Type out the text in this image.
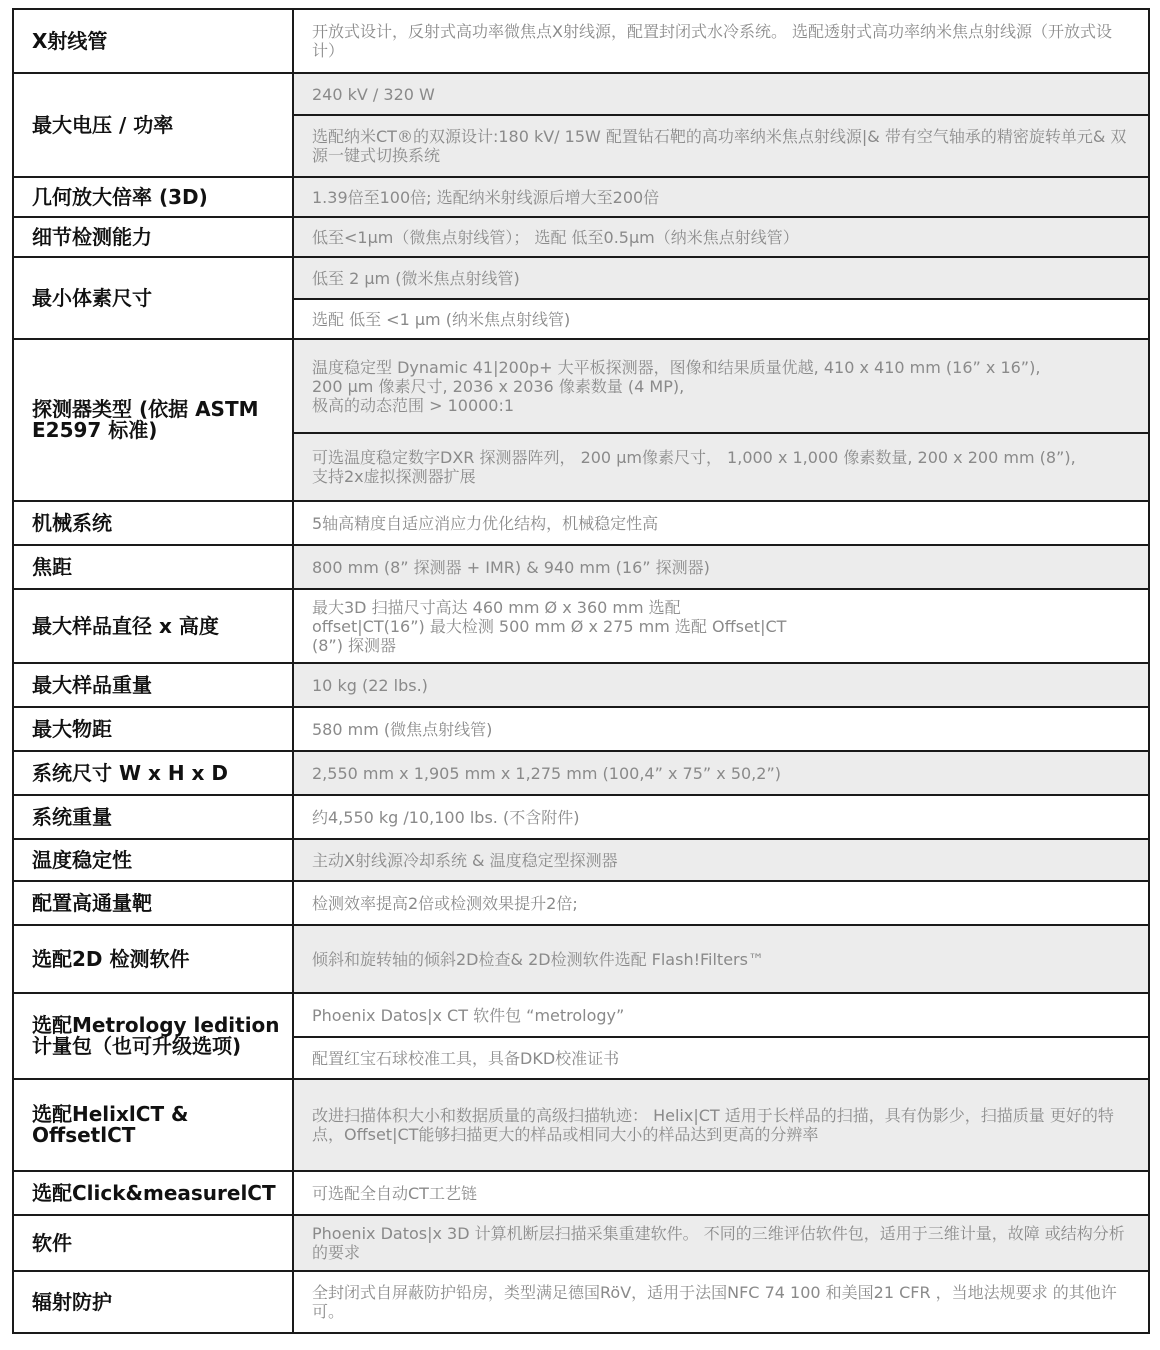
X射线管	开放式设计，反射式高功率微焦点X射线源，配置封闭式水冷系统。 选配透射式高功率纳米焦点射线源（开放式设计）
最大电压 / 功率	240 kV / 320 W
	选配纳米CT®的双源设计:180 kV/ 15W 配置钻石靶的高功率纳米焦点射线源|& 带有空气轴承的精密旋转单元& 双源一键式切换系统
几何放大倍率 (3D)	1.39倍至100倍; 选配纳米射线源后增大至200倍
细节检测能力	低至<1µm（微焦点射线管）； 选配 低至0.5µm（纳米焦点射线管）
最小体素尺寸	低至 2 µm (微米焦点射线管)
	选配 低至 <1 µm (纳米焦点射线管)
探测器类型 (依据 ASTM E2597 标准)	温度稳定型 Dynamic 41|200p+ 大平板探测器，图像和结果质量优越, 410 x 410 mm (16” x 16”),
200 µm 像素尺寸, 2036 x 2036 像素数量 (4 MP),
极高的动态范围 > 10000:1
	可选温度稳定数字DXR 探测器阵列， 200 µm像素尺寸， 1,000 x 1,000 像素数量, 200 x 200 mm (8”),
支持2x虚拟探测器扩展
机械系统	5轴高精度自适应消应力优化结构，机械稳定性高
焦距	800 mm (8” 探测器 + IMR) & 940 mm (16” 探测器)
最大样品直径 x 高度	最大3D 扫描尺寸高达 460 mm Ø x 360 mm 选配
offset|CT(16”) 最大检测 500 mm Ø x 275 mm 选配 Offset|CT
(8”) 探测器
最大样品重量	10 kg (22 lbs.)
最大物距	580 mm (微焦点射线管)
系统尺寸 W x H x D	2,550 mm x 1,905 mm x 1,275 mm (100,4” x 75” x 50,2”)
系统重量	约4,550 kg /10,100 lbs. (不含附件)
温度稳定性	主动X射线源冷却系统 & 温度稳定型探测器
配置高通量靶	检测效率提高2倍或检测效果提升2倍;
选配2D 检测软件	倾斜和旋转轴的倾斜2D检查& 2D检测软件选配 Flash!Filters™
选配Metrology ledition 计量包（也可升级选项)	Phoenix Datos|x CT 软件包 “metrology”
	配置红宝石球校准工具，具备DKD校准证书
选配HelixlCT & OffsetlCT	改进扫描体积大小和数据质量的高级扫描轨迹： Helix|CT 适用于长样品的扫描，具有伪影少，扫描质量 更好的特点，Offset|CT能够扫描更大的样品或相同大小的样品达到更高的分辨率
选配Click&measurelCT	可选配全自动CT工艺链
软件	Phoenix Datos|x 3D 计算机断层扫描采集重建软件。 不同的三维评估软件包，适用于三维计量，故障 或结构分析的要求
辐射防护	全封闭式自屏蔽防护铅房，类型满足德国RöV，适用于法国NFC 74 100 和美国21 CFR ，当地法规要求 的其他许可。
